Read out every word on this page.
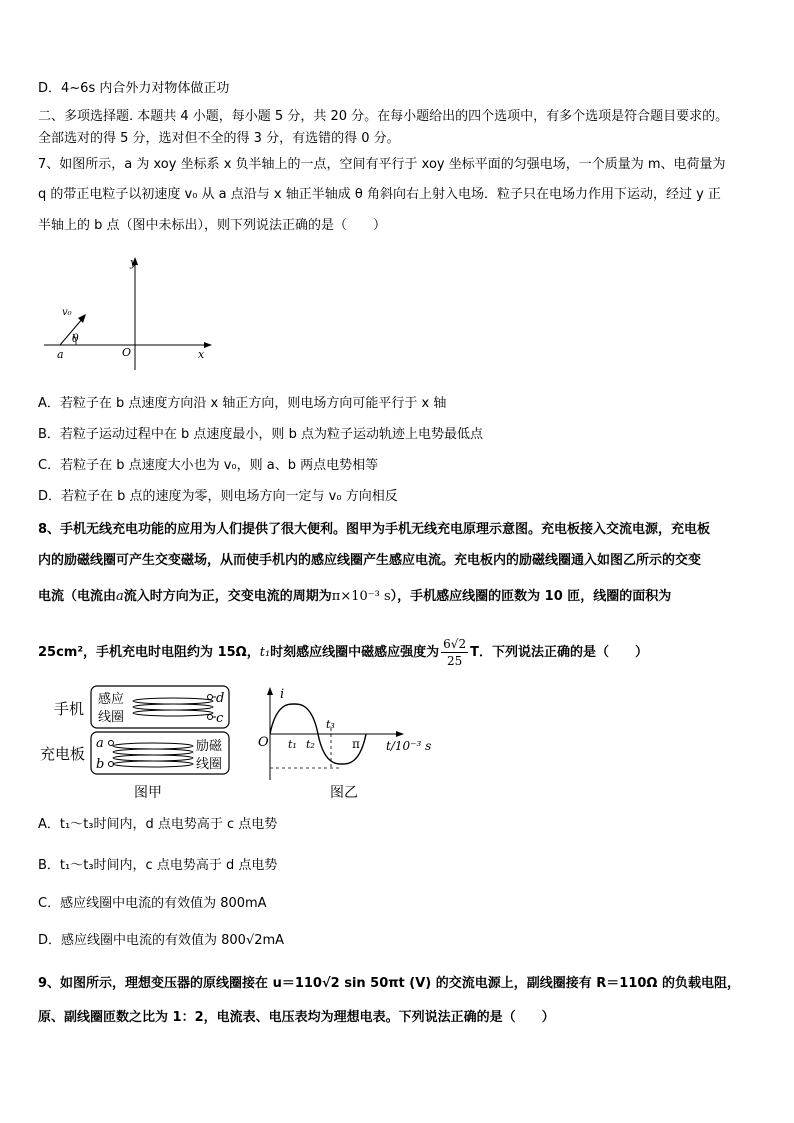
D．4~6s 内合外力对物体做正功
二、多项选择题. 本题共 4 小题，每小题 5 分，共 20 分。在每小题给出的四个选项中，有多个选项是符合题目要求的。
全部选对的得 5 分，选对但不全的得 3 分，有选错的得 0 分。
7、如图所示，a 为 xoy 坐标系 x 负半轴上的一点，空间有平行于 xoy 坐标平面的匀强电场，一个质量为 m、电荷量为
q 的带正电粒子以初速度 v₀ 从 a 点沿与 x 轴正半轴成 θ 角斜向右上射入电场．粒子只在电场力作用下运动，经过 y 正
半轴上的 b 点（图中未标出），则下列说法正确的是（　　）
y
x
O
a
θ
v₀
A．若粒子在 b 点速度方向沿 x 轴正方向，则电场方向可能平行于 x 轴
B．若粒子运动过程中在 b 点速度最小，则 b 点为粒子运动轨迹上电势最低点
C．若粒子在 b 点速度大小也为 v₀，则 a、b 两点电势相等
D．若粒子在 b 点的速度为零，则电场方向一定与 v₀ 方向相反
8、手机无线充电功能的应用为人们提供了很大便利。图甲为手机无线充电原理示意图。充电板接入交流电源，充电板
内的励磁线圈可产生交变磁场，从而使手机内的感应线圈产生感应电流。充电板内的励磁线圈通入如图乙所示的交变
电流（电流由a流入时方向为正，交变电流的周期为π×10⁻³ s），手机感应线圈的匝数为 10 匝，线圈的面积为
25cm²，手机充电时电阻约为 15Ω，t₁时刻感应线圈中磁感应强度为 $\frac{6√2}{25}$ T．下列说法正确的是（　　）
手机
充电板
感应
线圈
d
c
a
b
励磁
线圈
图甲
i
O t₁ t₂
t₃
π t/10⁻³ s
图乙
A．t₁～t₃时间内，d 点电势高于 c 点电势
B．t₁～t₃时间内，c 点电势高于 d 点电势
C．感应线圈中电流的有效值为 800mA
D．感应线圈中电流的有效值为 800√2mA
9、如图所示，理想变压器的原线圈接在 u＝110√2 sin 50πt (V) 的交流电源上，副线圈接有 R＝110Ω 的负载电阻，
原、副线圈匝数之比为 1：2，电流表、电压表均为理想电表。下列说法正确的是（　　）
